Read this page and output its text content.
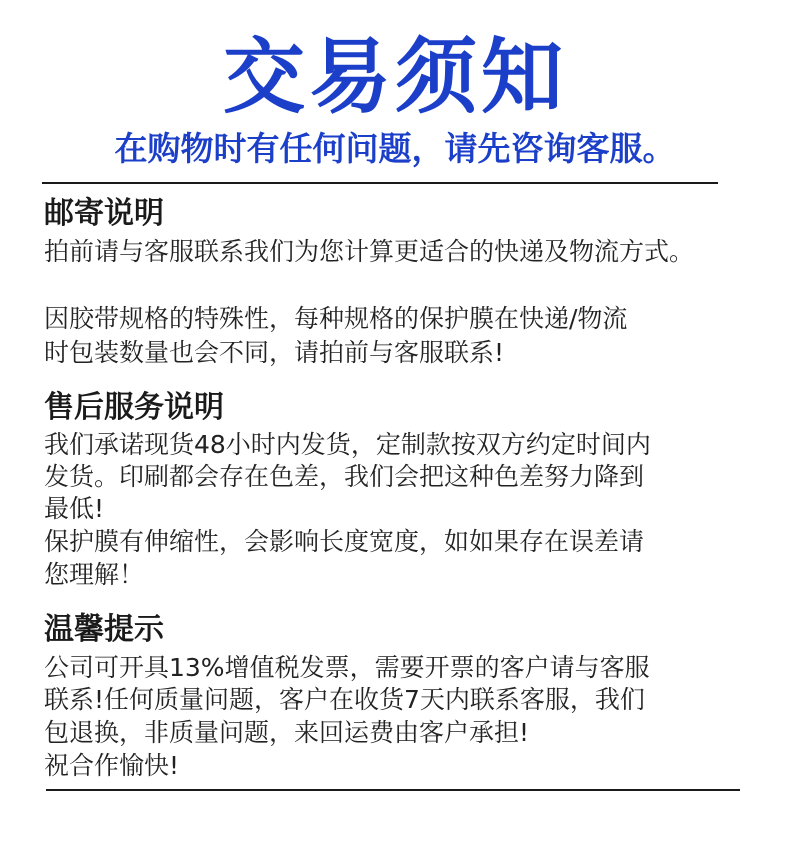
交易须知

在购物时有任何问题，请先咨询客服。

邮寄说明

拍前请与客服联系我们为您计算更适合的快递及物流方式。

因胶带规格的特殊性，每种规格的保护膜在快递/物流

时包装数量也会不同，请拍前与客服联系!

售后服务说明

我们承诺现货48小时内发货，定制款按双方约定时间内

发货。印刷都会存在色差，我们会把这种色差努力降到

最低!

保护膜有伸缩性，会影响长度宽度，如如果存在误差请

您理解！

温馨提示

公司可开具13%增值税发票，需要开票的客户请与客服

联系!任何质量问题，客户在收货7天内联系客服，我们

包退换，非质量问题，来回运费由客户承担!

祝合作愉快!
